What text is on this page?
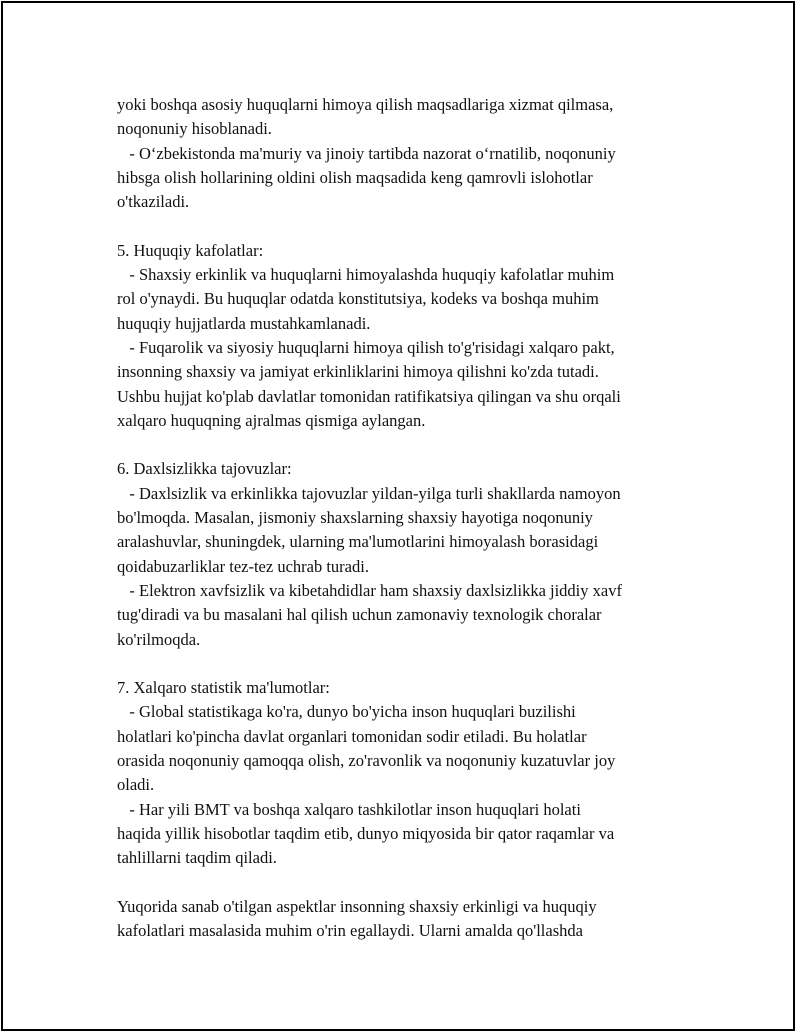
yoki boshqa asosiy huquqlarni himoya qilish maqsadlariga xizmat qilmasa,
noqonuniy hisoblanadi.
- O‘zbekistonda ma'muriy va jinoiy tartibda nazorat o‘rnatilib, noqonuniy
hibsga olish hollarining oldini olish maqsadida keng qamrovli islohotlar
o'tkaziladi.
5. Huquqiy kafolatlar:
- Shaxsiy erkinlik va huquqlarni himoyalashda huquqiy kafolatlar muhim
rol o'ynaydi. Bu huquqlar odatda konstitutsiya, kodeks va boshqa muhim
huquqiy hujjatlarda mustahkamlanadi.
- Fuqarolik va siyosiy huquqlarni himoya qilish to'g'risidagi xalqaro pakt,
insonning shaxsiy va jamiyat erkinliklarini himoya qilishni ko'zda tutadi.
Ushbu hujjat ko'plab davlatlar tomonidan ratifikatsiya qilingan va shu orqali
xalqaro huquqning ajralmas qismiga aylangan.
6. Daxlsizlikka tajovuzlar:
- Daxlsizlik va erkinlikka tajovuzlar yildan-yilga turli shakllarda namoyon
bo'lmoqda. Masalan, jismoniy shaxslarning shaxsiy hayotiga noqonuniy
aralashuvlar, shuningdek, ularning ma'lumotlarini himoyalash borasidagi
qoidabuzarliklar tez-tez uchrab turadi.
- Elektron xavfsizlik va kibetahdidlar ham shaxsiy daxlsizlikka jiddiy xavf
tug'diradi va bu masalani hal qilish uchun zamonaviy texnologik choralar
ko'rilmoqda.
7. Xalqaro statistik ma'lumotlar:
- Global statistikaga ko'ra, dunyo bo'yicha inson huquqlari buzilishi
holatlari ko'pincha davlat organlari tomonidan sodir etiladi. Bu holatlar
orasida noqonuniy qamoqqa olish, zo'ravonlik va noqonuniy kuzatuvlar joy
oladi.
- Har yili BMT va boshqa xalqaro tashkilotlar inson huquqlari holati
haqida yillik hisobotlar taqdim etib, dunyo miqyosida bir qator raqamlar va
tahlillarni taqdim qiladi.
Yuqorida sanab o'tilgan aspektlar insonning shaxsiy erkinligi va huquqiy
kafolatlari masalasida muhim o'rin egallaydi. Ularni amalda qo'llashda
